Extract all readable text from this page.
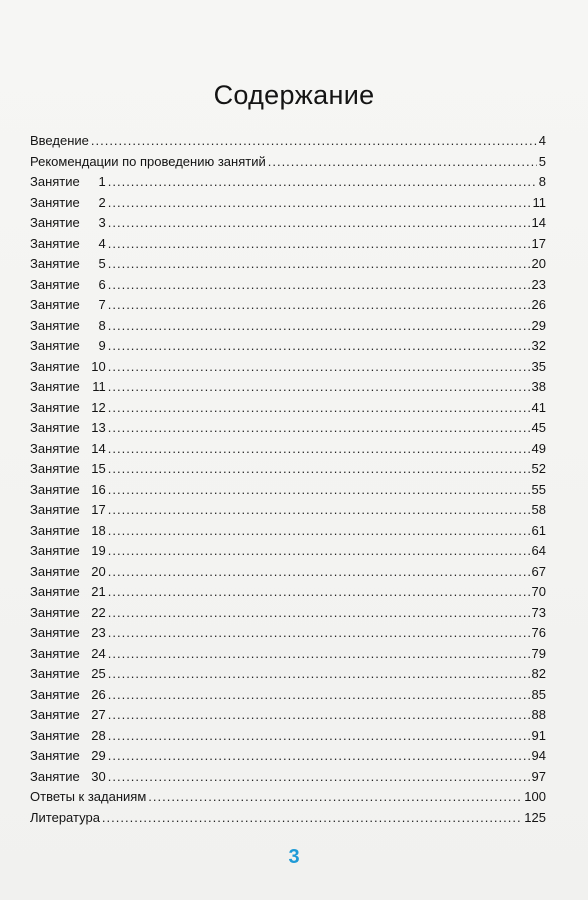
Содержание
Введение .....	4
Рекомендации по проведению занятий .....	5
Занятие	1 .....	8
Занятие	2 .....	11
Занятие	3 .....	14
Занятие	4 .....	17
Занятие	5 .....	20
Занятие	6 .....	23
Занятие	7 .....	26
Занятие	8 .....	29
Занятие	9 .....	32
Занятие 10 .....	35
Занятие 11 .....	38
Занятие 12 .....	41
Занятие 13 .....	45
Занятие 14 .....	49
Занятие 15 .....	52
Занятие 16 .....	55
Занятие 17 .....	58
Занятие 18 .....	61
Занятие 19 .....	64
Занятие 20 .....	67
Занятие 21 .....	70
Занятие 22 .....	73
Занятие 23 .....	76
Занятие 24 .....	79
Занятие 25 .....	82
Занятие 26 .....	85
Занятие 27 .....	88
Занятие 28 .....	91
Занятие 29 .....	94
Занятие 30 .....	97
Ответы к заданиям .....	100
Литература .....	125
3
